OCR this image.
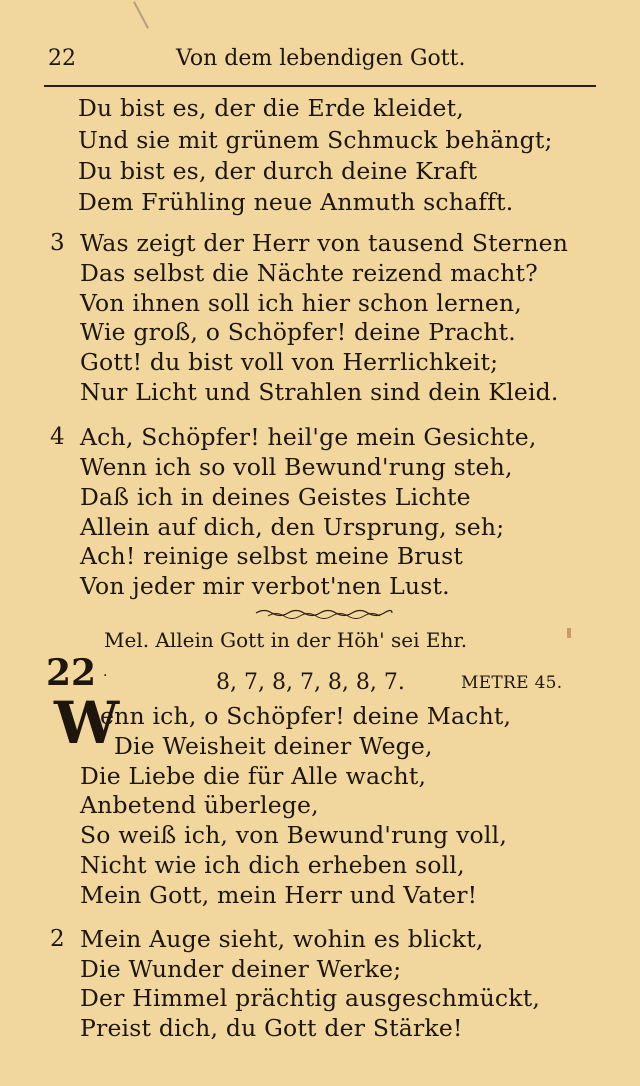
22	Von dem lebendigen Gott.
Du bist es, der die Erde kleidet,
Und sie mit grünem Schmuck behängt;
Du bist es, der durch deine Kraft
Dem Frühling neue Anmuth schafft.
3 Was zeigt der Herr von tausend Sternen
Das selbst die Nächte reizend macht?
Von ihnen soll ich hier schon lernen,
Wie groß, o Schöpfer! deine Pracht.
Gott! du bist voll von Herrlichkeit;
Nur Licht und Strahlen sind dein Kleid.
4 Ach, Schöpfer! heil'ge mein Gesichte,
Wenn ich so voll Bewund'rung steh,
Daß ich in deines Geistes Lichte
Allein auf dich, den Ursprung, seh;
Ach! reinige selbst meine Brust
Von jeder mir verbot'nen Lust.
Mel. Allein Gott in der Höh' sei Ehr.
22 ·	8, 7, 8, 7, 8, 8, 7.	METRE 45.
W
enn ich, o Schöpfer! deine Macht,
Die Weisheit deiner Wege,
Die Liebe die für Alle wacht,
Anbetend überlege,
So weiß ich, von Bewund'rung voll,
Nicht wie ich dich erheben soll,
Mein Gott, mein Herr und Vater!
2 Mein Auge sieht, wohin es blickt,
Die Wunder deiner Werke;
Der Himmel prächtig ausgeschmückt,
Preist dich, du Gott der Stärke!
